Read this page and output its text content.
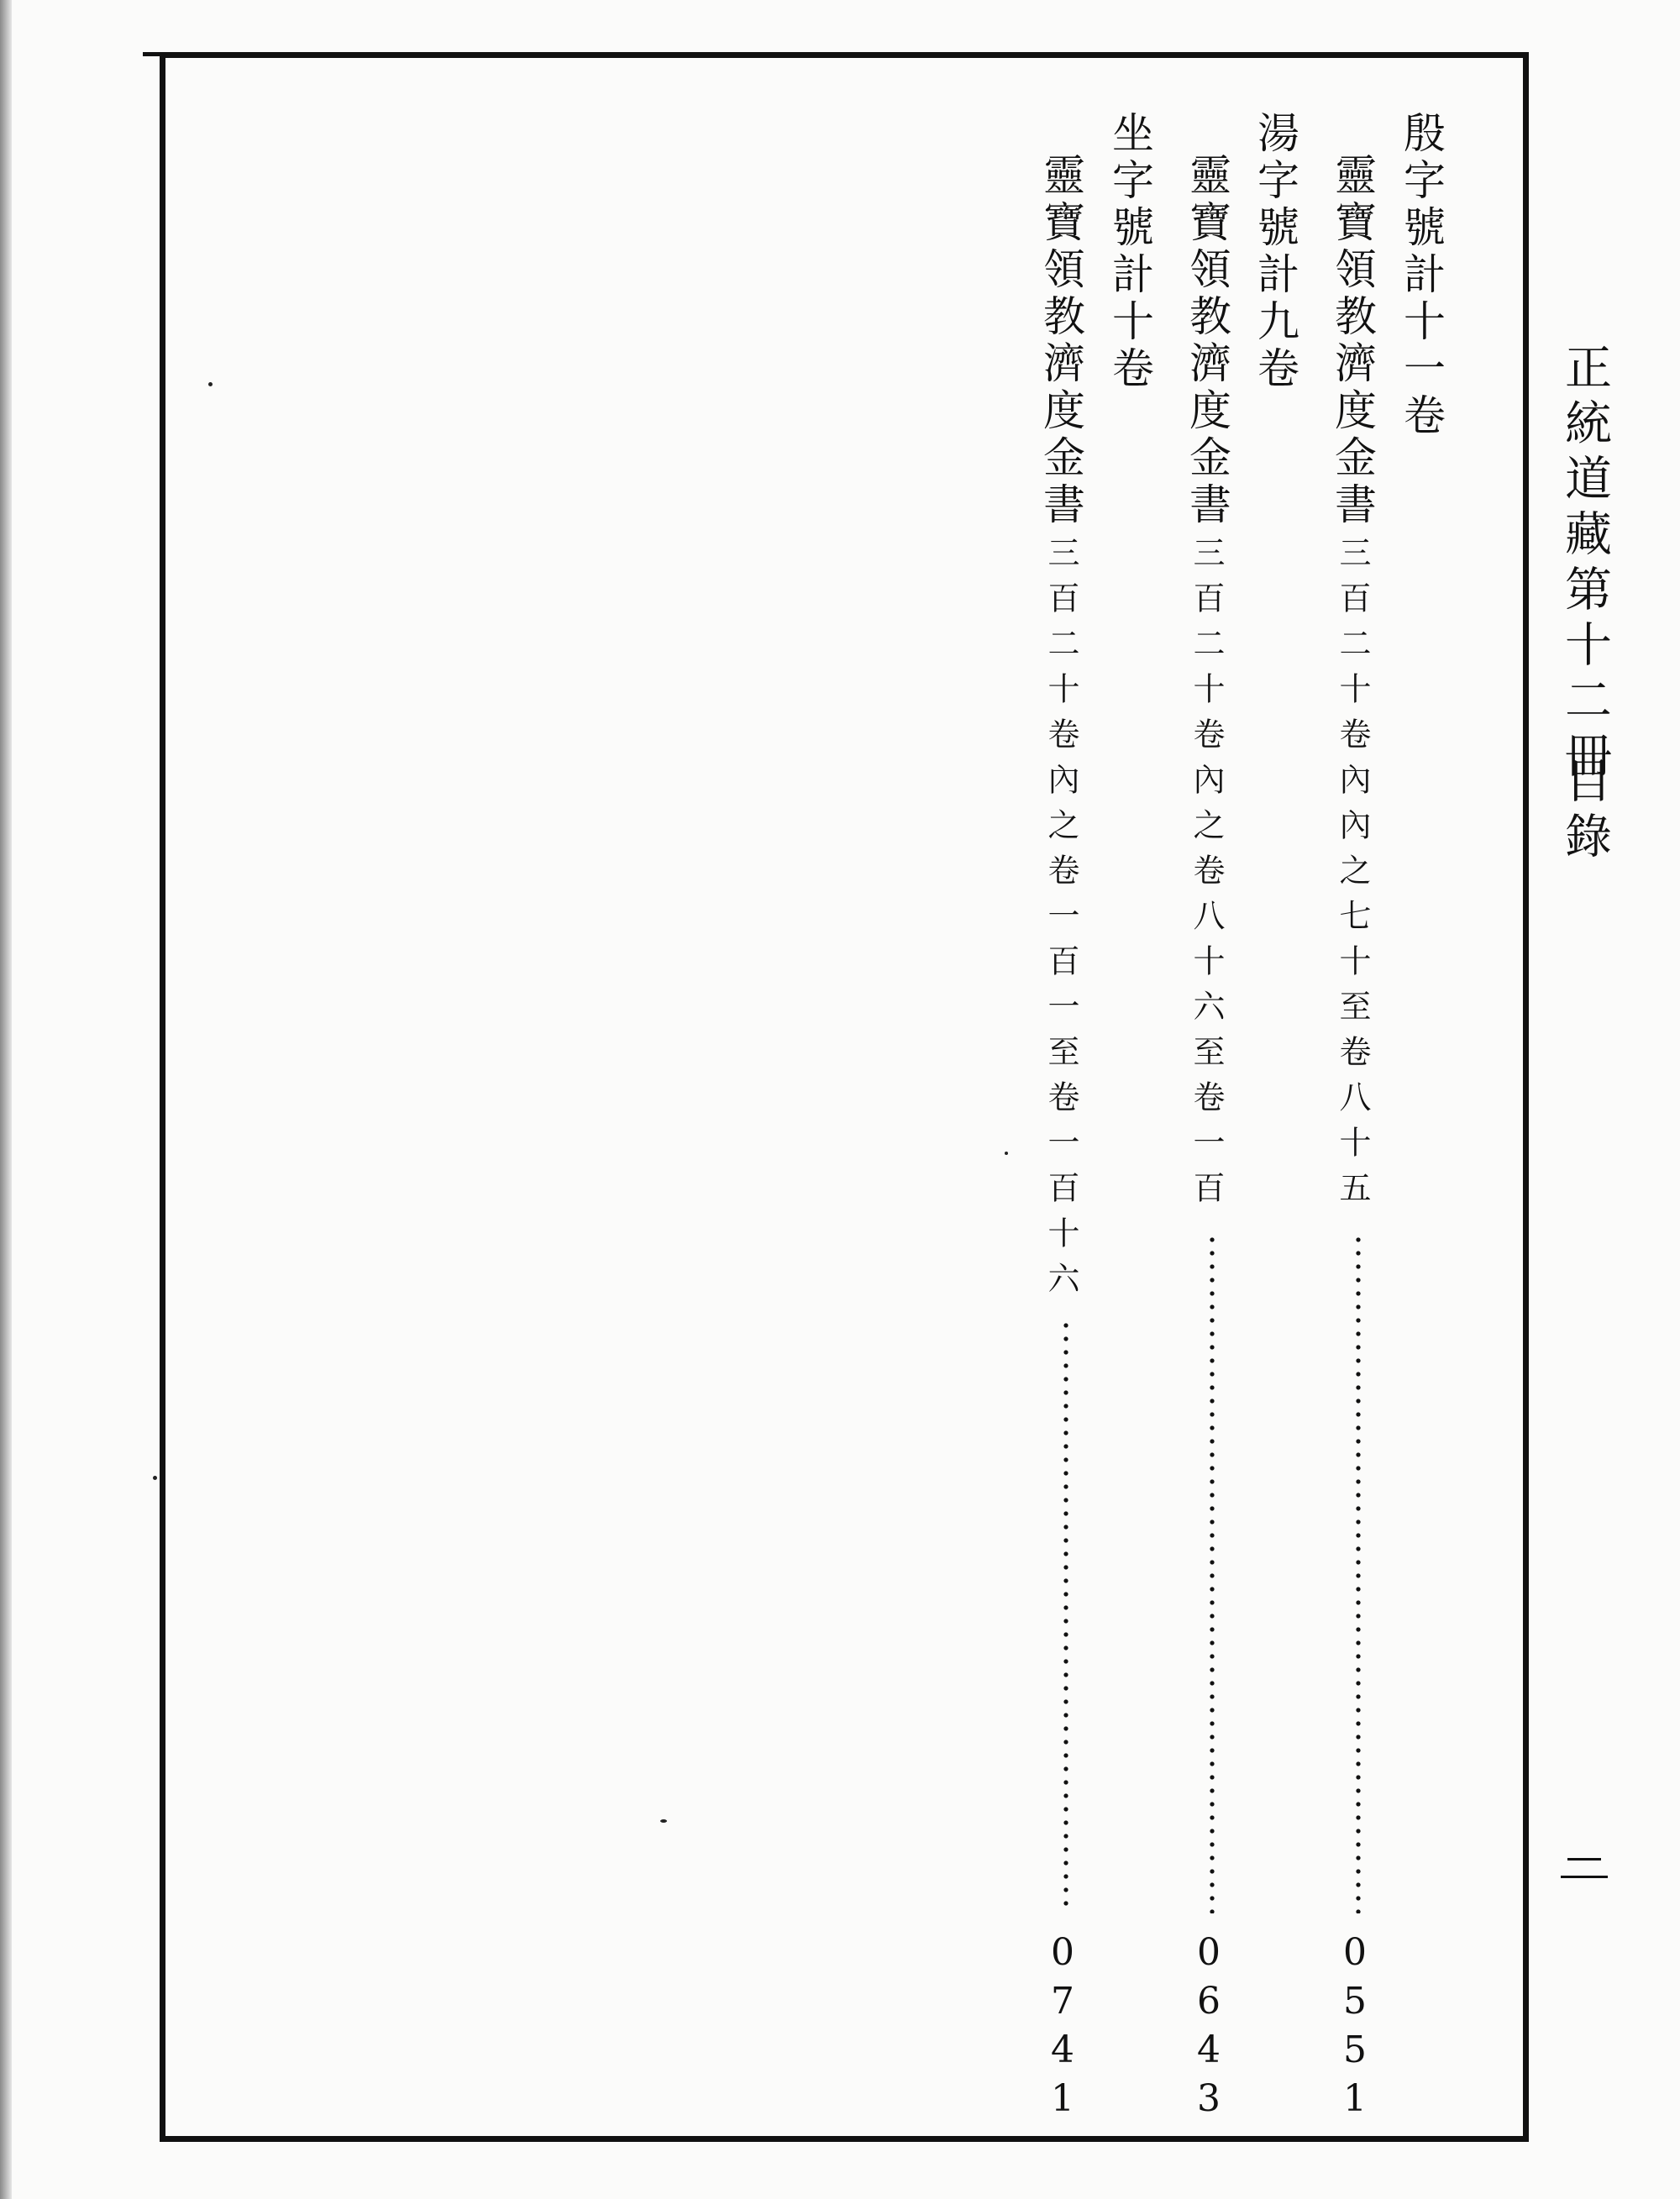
殷字號計十一卷
靈寶領教濟度金書
三百二十卷內內之七十至卷八十五
0
5
5
1
湯字號計九卷
靈寶領教濟度金書
三百二十卷內之卷八十六至卷一百
0
6
4
3
坐字號計十卷
靈寶領教濟度金書
三百二十卷內之卷一百一至卷一百十六
0
7
4
1
正統道藏第十二冊
目錄
